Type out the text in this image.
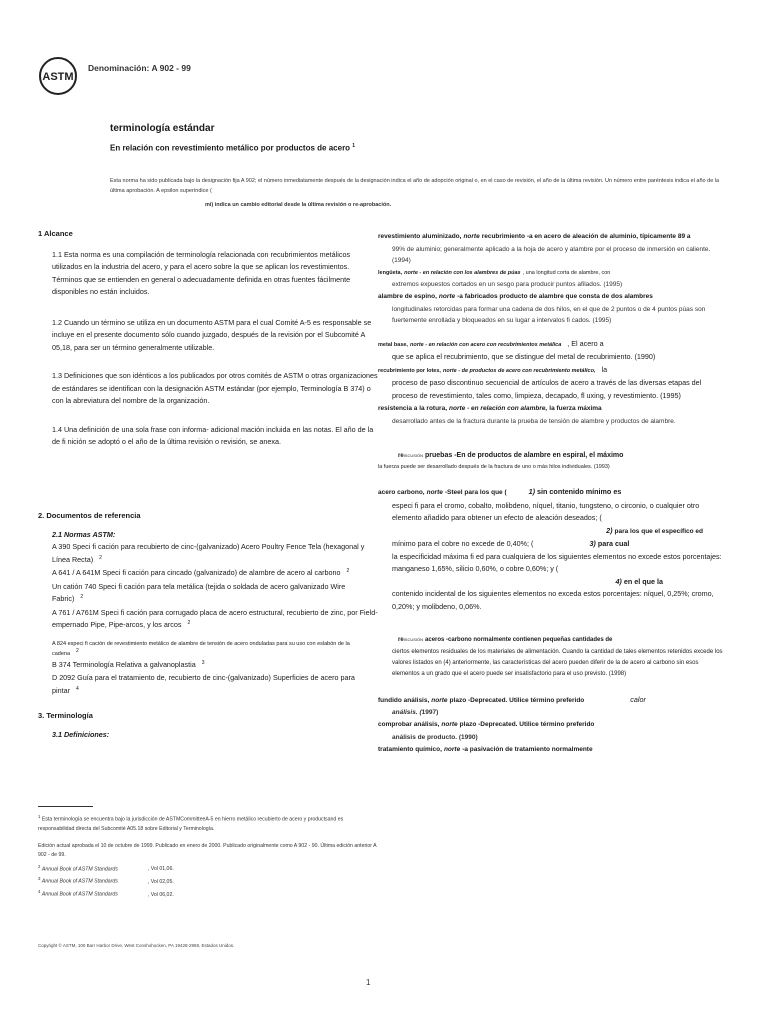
ASTM
Denominación: A 902 - 99
terminología estándar
En relación con revestimiento metálico por productos de acero $^1$
Esta norma ha sido publicada bajo la designación fija A 902; el número inmediatamente después de la designación indica el año de adopción original o, en el caso de revisión, el año de la última revisión. Un número entre paréntesis indica el año de la última aprobación. A epsilon superíndice (
mi) indica un cambio editorial desde la última revisión o re-aprobación.
1 Alcance

1.1 Esta norma es una compilación de terminología relacionada con recubrimientos metálicos utilizados en la industria del acero, y para el acero sobre la que se aplican los revestimientos. Términos que se entienden en general o adecuadamente definida en otras fuentes fácilmente disponibles no están incluidos.

1.2 Cuando un término se utiliza en un documento ASTM para el cual Comité A-5 es responsable se incluye en el presente documento sólo cuando juzgado, después de la revisión por el Subcomité A 05,18, para ser un término generalmente utilizable.

1.3 Definiciones que son idénticos a los publicados por otros comités de ASTM o otras organizaciones de estándares se identifican con la designación ASTM estándar (por ejemplo, Terminología B 374) o con la abreviatura del nombre de la organización.

1.4 Una definición de una sola frase con informa- adicional mación incluida en las notas. El año de la de fi nición se adoptó o el año de la última revisión o revisión, se anexa.

2. Documentos de referencia
2.1 Normas ASTM:
A 390 Speci fi cación para recubierto de cinc-(galvanizado) Acero Poultry Fence Tela (hexagonal y Línea Recta) $^2$
A 641 / A 641M Speci fi cación para cincado (galvanizado) de alambre de acero al carbono $^2$
Un catión 740 Speci fi cación para tela metálica (tejida o soldada de acero galvanizado Wire Fabric) $^2$
A 761 / A761M Speci fi cación para corrugado placa de acero estructural, recubierto de zinc, por Field-empernado Pipe, Pipe-arcos, y los arcos $^2$
A 824 especi fi cación de revestimiento metálico de alambre de tensión de acero onduladas para su uso con eslabón de la cadena 2
B 374 Terminología Relativa a galvanoplastia $^3$
D 2092 Guía para el tratamiento de, recubierto de cinc-(galvanizado) Superficies de acero para pintar $^4$
3. Terminología
3.1 Definiciones:
$^1$ Esta terminología se encuentra bajo la jurisdicción de ASTMCommitteeA-5 en hierro metálico recubierto de acero y productsand es responsabilidad directa del Subcomité A05.18 sobre Editorial y Terminología.
Edición actual aprobada el 10 de octubre de 1999. Publicado en enero de 2000. Publicado originalmente como A 902 - 90. Última edición anterior A 902 - de 99.
$^2$ Annual Book of ASTM Standards	, Vol 01,06.
$^3$ Annual Book of ASTM Standards	, Vol 02,05.
$^4$ Annual Book of ASTM Standards	, Vol 06,02.
revestimiento aluminizado, norte recubrimiento -a en acero de aleación de aluminio, típicamente 89 a
99% de aluminio; generalmente aplicado a la hoja de acero y alambre por el proceso de inmersión en caliente. (1994)
lengüeta, norte - en relación con los alambres de púas , una longitud corta de alambre, con
extremos expuestos cortados en un sesgo para producir puntos afilados. (1995)
alambre de espino, norte -a fabricados producto de alambre que consta de dos alambres
longitudinales retorcidas para formar una cadena de dos hilos, en el que de 2 puntos o de 4 puntos púas son fuertemente enrollada y bloqueados en su lugar a intervalos fi cados. (1995)
metal base, norte - en relación con acero con recubrimientos metálica , El acero a
que se aplica el recubrimiento, que se distingue del metal de recubrimiento. (1990)
recubrimiento por lotes, norte - de productos de acero con recubrimiento metálico, la
proceso de paso discontinuo secuencial de artículos de acero a través de las diversas etapas del proceso de revestimiento, tales como, limpieza, decapado, fl uxing, y revestimiento. (1995)
resistencia a la rotura, norte - en relación con alambre, la fuerza máxima
desarrollado antes de la fractura durante la prueba de tensión de alambre y productos de alambre.
reISCUSIÓN pruebas -En de productos de alambre en espiral, el máximo
la fuerza puede ser desarrollado después de la fractura de uno o más hilos individuales. (1993)
acero carbono, norte -Steel para los que (	1) sin contenido mínimo es
especi fi para el cromo, cobalto, molibdeno, níquel, titanio, tungsteno, o circonio, o cualquier otro elemento añadido para obtener un efecto de aleación deseados; (
2) para los que el específico ed
mínimo para el cobre no excede de 0,40%; (	3) para cual
la especificidad máxima fi ed para cualquiera de los siguientes elementos no excede estos porcentajes: manganeso 1,65%, silicio 0,60%, o cobre 0,60%; y (
4) en el que la
contenido incidental de los siguientes elementos no exceda estos porcentajes: níquel, 0,25%; cromo, 0,20%; y molibdeno, 0,06%.
reISCUSIÓN aceros -carbono normalmente contienen pequeñas cantidades de
ciertos elementos residuales de los materiales de alimentación. Cuando la cantidad de tales elementos retenidos excede los valores listados en (4) anteriormente, las características del acero pueden diferir de la de acero al carbono sin esos elementos a un grado que el acero puede ser insatisfactorio para el uso previsto. (1998)
fundido análisis, norte plazo -Deprecated. Utilice término preferido	calor
análisis. (1997)
comprobar análisis, norte plazo -Deprecated. Utilice término preferido
análisis de producto. (1990)
tratamiento químico, norte -a pasivación de tratamiento normalmente
Copyright © ASTM, 100 Barr Harbor Drive, West Conshohocken, PA 19428-2959, Estados Unidos.
1
